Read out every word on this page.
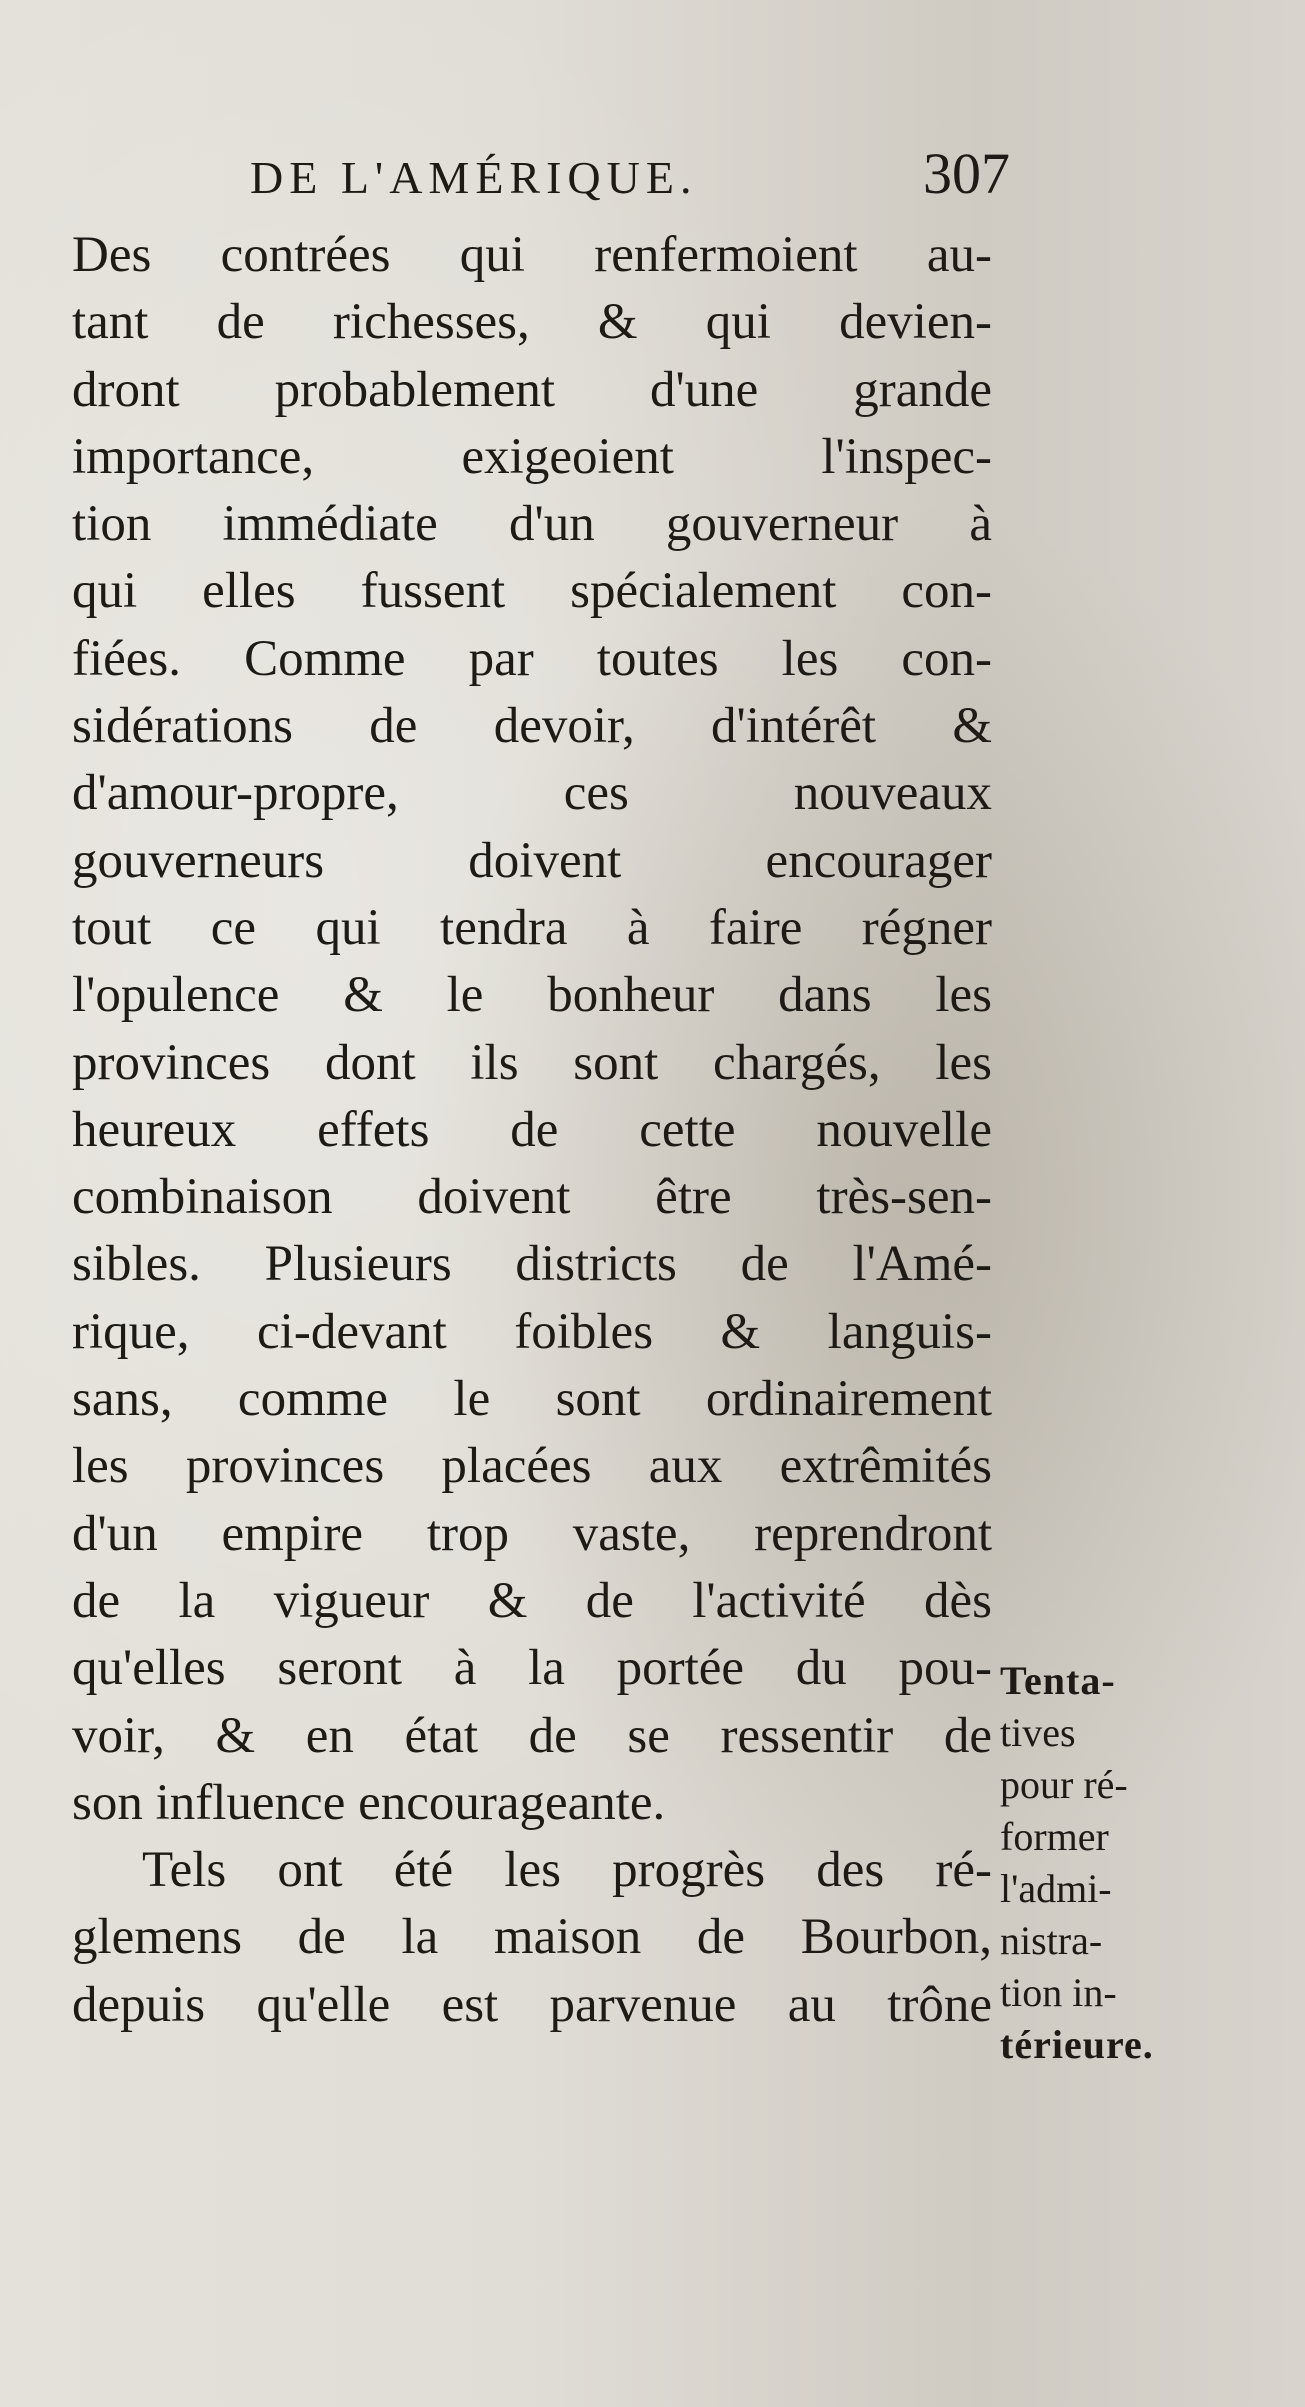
DE L'AMÉRIQUE.	307
Des contrées qui renfermoient au-
tant de richesses, & qui devien-
dront probablement d'une grande
importance, exigeoient l'inspec-
tion immédiate d'un gouverneur à
qui elles fussent spécialement con-
fiées. Comme par toutes les con-
sidérations de devoir, d'intérêt &
d'amour-propre, ces nouveaux
gouverneurs doivent encourager
tout ce qui tendra à faire régner
l'opulence & le bonheur dans les
provinces dont ils sont chargés, les
heureux effets de cette nouvelle
combinaison doivent être très-sen-
sibles. Plusieurs districts de l'Amé-
rique, ci-devant foibles & languis-
sans, comme le sont ordinairement
les provinces placées aux extrêmités
d'un empire trop vaste, reprendront
de la vigueur & de l'activité dès
qu'elles seront à la portée du pou-
voir, & en état de se ressentir de
son influence encourageante.
Tels ont été les progrès des ré-
glemens de la maison de Bourbon,
depuis qu'elle est parvenue au trône
Tenta-
tives
pour ré-
former
l'admi-
nistra-
tion in-
térieure.
